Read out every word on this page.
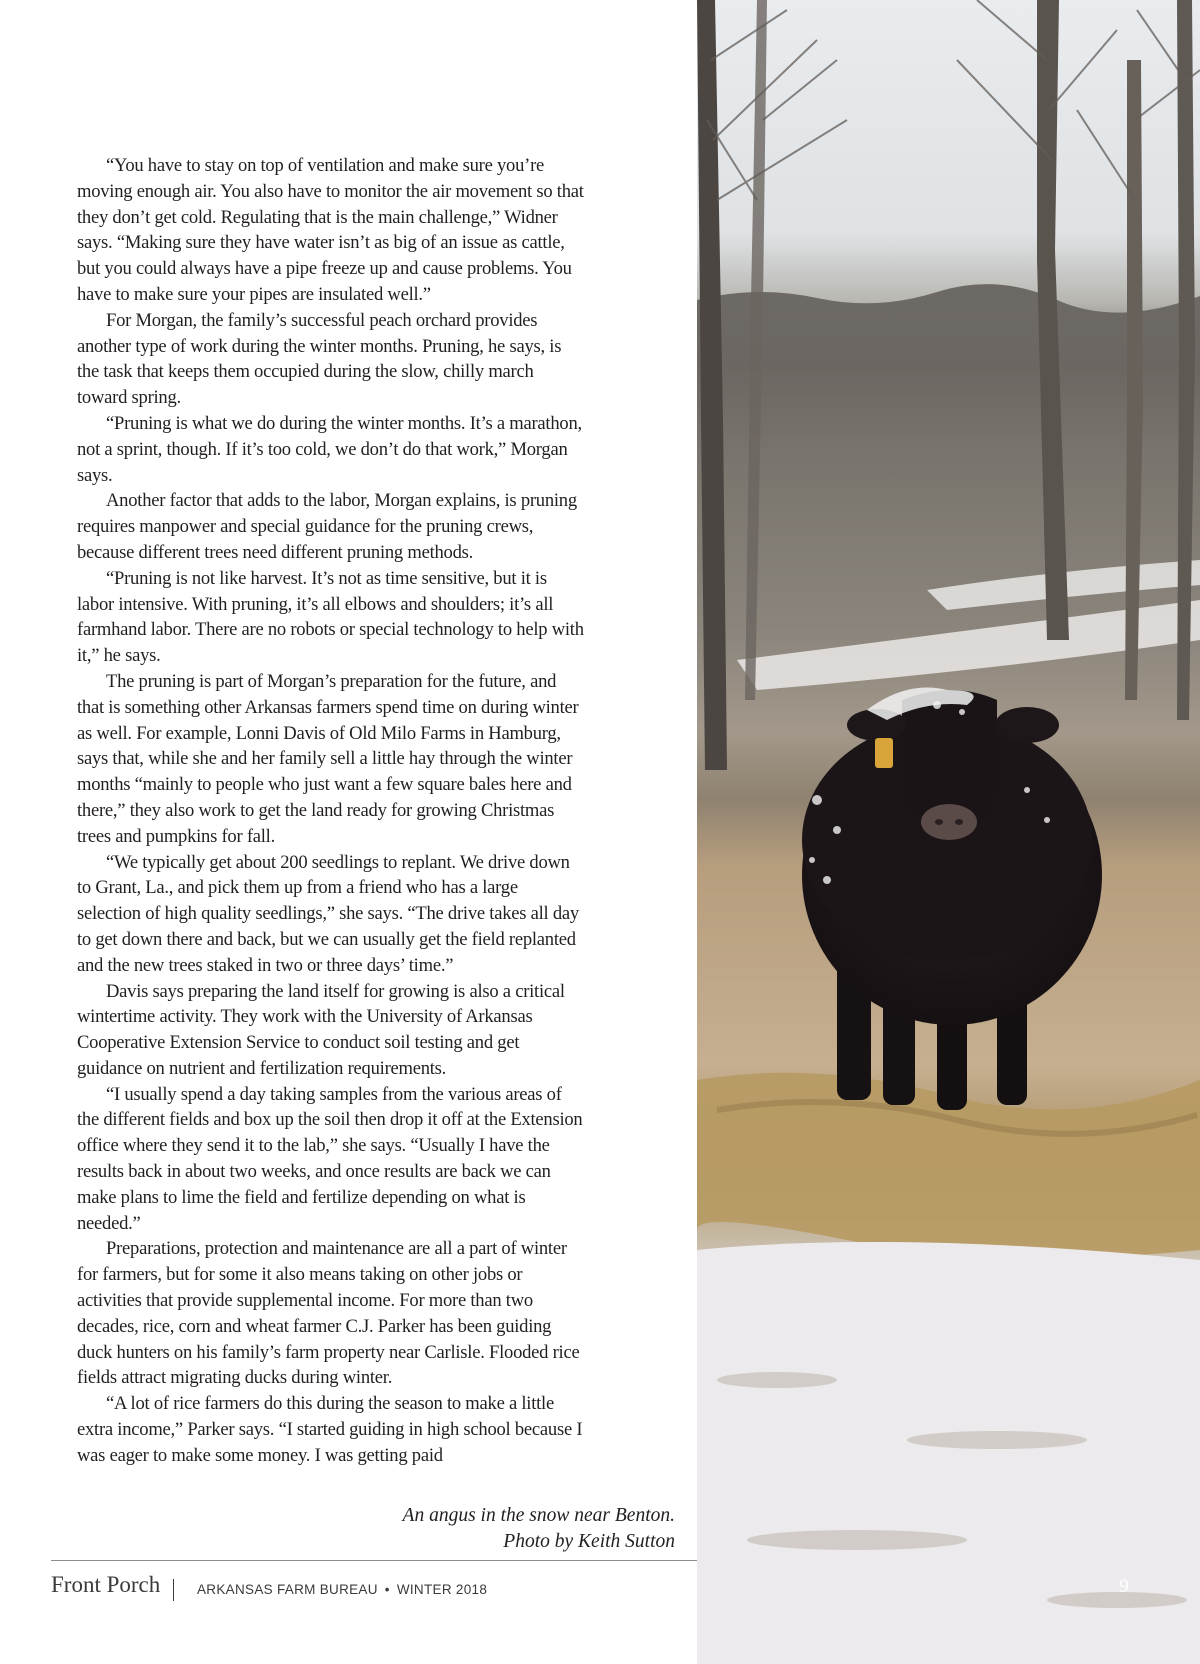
“You have to stay on top of ventilation and make sure you’re moving enough air. You also have to monitor the air movement so that they don’t get cold. Regulating that is the main challenge,” Widner says. “Making sure they have water isn’t as big of an issue as cattle, but you could always have a pipe freeze up and cause problems. You have to make sure your pipes are insulated well.”

For Morgan, the family’s successful peach orchard provides another type of work during the winter months. Pruning, he says, is the task that keeps them occupied during the slow, chilly march toward spring.

“Pruning is what we do during the winter months. It’s a marathon, not a sprint, though. If it’s too cold, we don’t do that work,” Morgan says.

Another factor that adds to the labor, Morgan explains, is pruning requires manpower and special guidance for the pruning crews, because different trees need different pruning methods.

“Pruning is not like harvest. It’s not as time sensitive, but it is labor intensive. With pruning, it’s all elbows and shoulders; it’s all farmhand labor. There are no robots or special technology to help with it,” he says.

The pruning is part of Morgan’s preparation for the future, and that is something other Arkansas farmers spend time on during winter as well. For example, Lonni Davis of Old Milo Farms in Hamburg, says that, while she and her family sell a little hay through the winter months “mainly to people who just want a few square bales here and there,” they also work to get the land ready for growing Christmas trees and pumpkins for fall.

“We typically get about 200 seedlings to replant. We drive down to Grant, La., and pick them up from a friend who has a large selection of high quality seedlings,” she says. “The drive takes all day to get down there and back, but we can usually get the field replanted and the new trees staked in two or three days’ time.”

Davis says preparing the land itself for growing is also a critical wintertime activity. They work with the University of Arkansas Cooperative Extension Service to conduct soil testing and get guidance on nutrient and fertilization requirements.

“I usually spend a day taking samples from the various areas of the different fields and box up the soil then drop it off at the Extension office where they send it to the lab,” she says. “Usually I have the results back in about two weeks, and once results are back we can make plans to lime the field and fertilize depending on what is needed.”

Preparations, protection and maintenance are all a part of winter for farmers, but for some it also means taking on other jobs or activities that provide supplemental income. For more than two decades, rice, corn and wheat farmer C.J. Parker has been guiding duck hunters on his family’s farm property near Carlisle. Flooded rice fields attract migrating ducks during winter.

“A lot of rice farmers do this during the season to make a little extra income,” Parker says. “I started guiding in high school because I was eager to make some money. I was getting paid

An angus in the snow near Benton.
Photo by Keith Sutton
Front Porch	ARKANSAS FARM BUREAU • WINTER 2018	9
